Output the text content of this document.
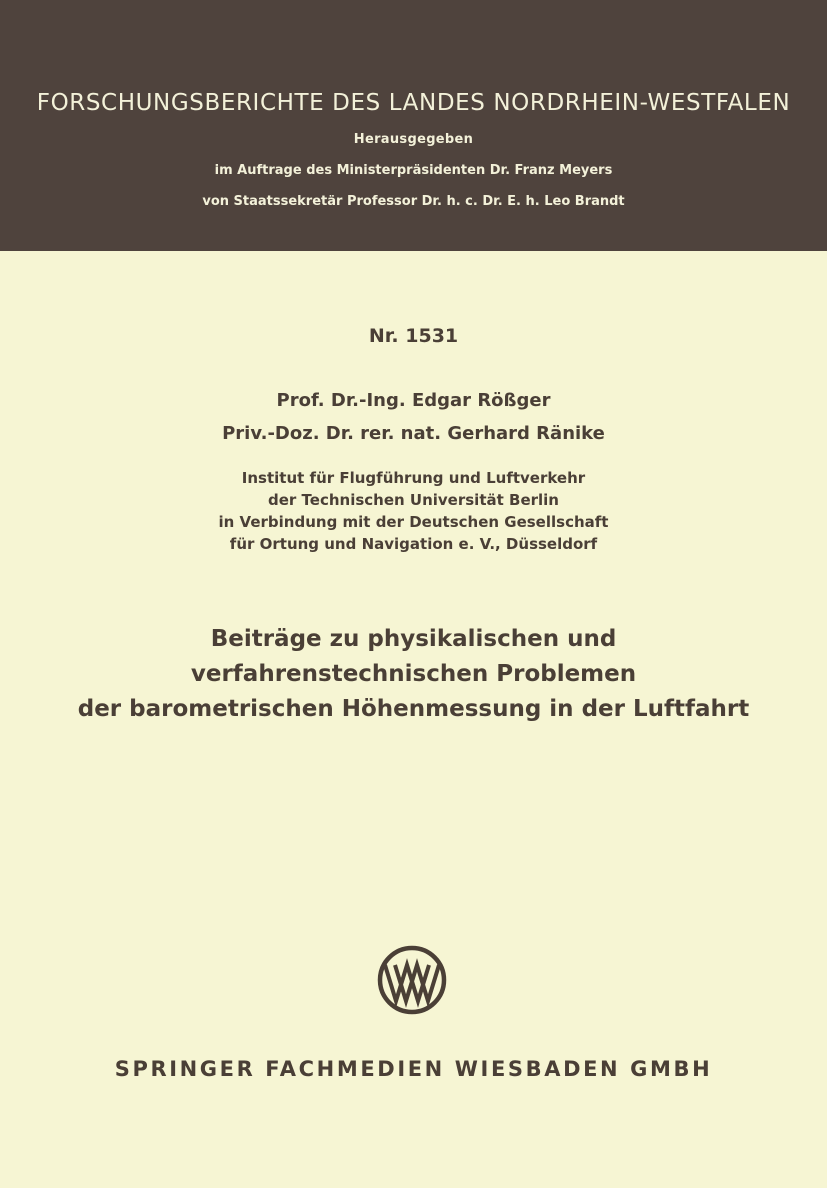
FORSCHUNGSBERICHTE DES LANDES NORDRHEIN-WESTFALEN
Herausgegeben
im Auftrage des Ministerpräsidenten Dr. Franz Meyers
von Staatssekretär Professor Dr. h. c. Dr. E. h. Leo Brandt
Nr. 1531
Prof. Dr.-Ing. Edgar Rößger
Priv.-Doz. Dr. rer. nat. Gerhard Ränike
Institut für Flugführung und Luftverkehr
der Technischen Universität Berlin
in Verbindung mit der Deutschen Gesellschaft
für Ortung und Navigation e. V., Düsseldorf
Beiträge zu physikalischen und
verfahrenstechnischen Problemen
der barometrischen Höhenmessung in der Luftfahrt
SPRINGER FACHMEDIEN WIESBADEN GMBH
